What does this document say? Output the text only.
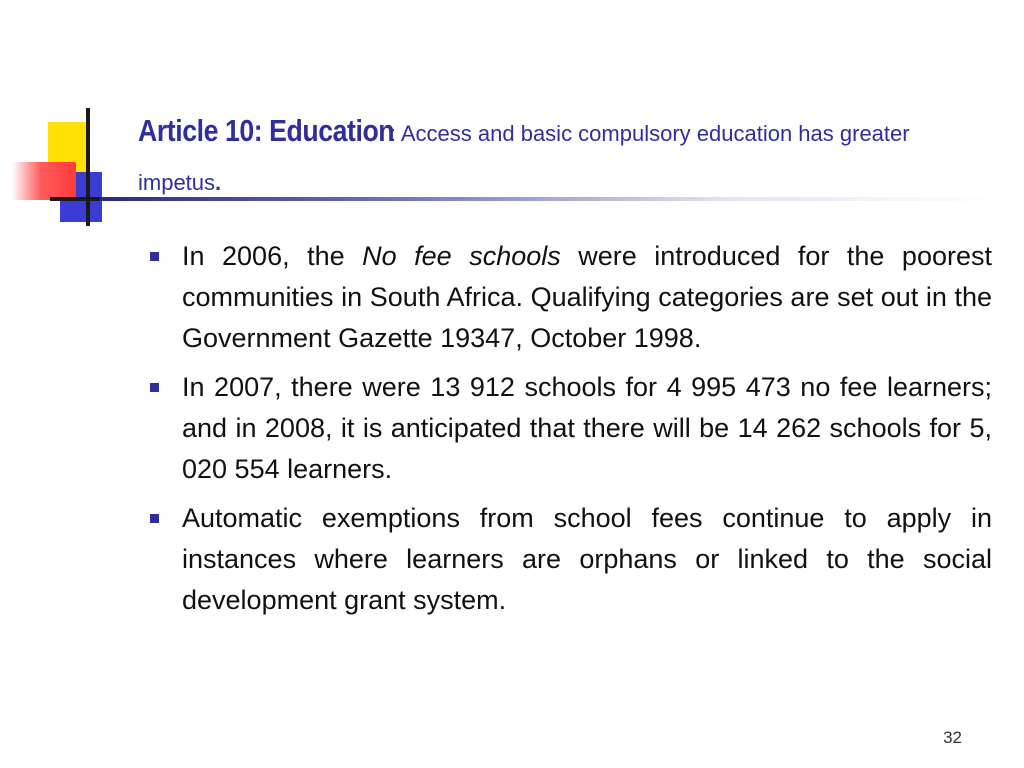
Article 10: Education: Access and basic compulsory education has greater impetus.
In 2006, the No fee schools were introduced for the poorest communities in South Africa. Qualifying categories are set out in the Government Gazette 19347, October 1998.
In 2007, there were 13 912 schools for 4 995 473 no fee learners; and in 2008, it is anticipated that there will be 14 262 schools for 5, 020 554 learners.
Automatic exemptions from school fees continue to apply in instances where learners are orphans or linked to the social development grant system.
32
